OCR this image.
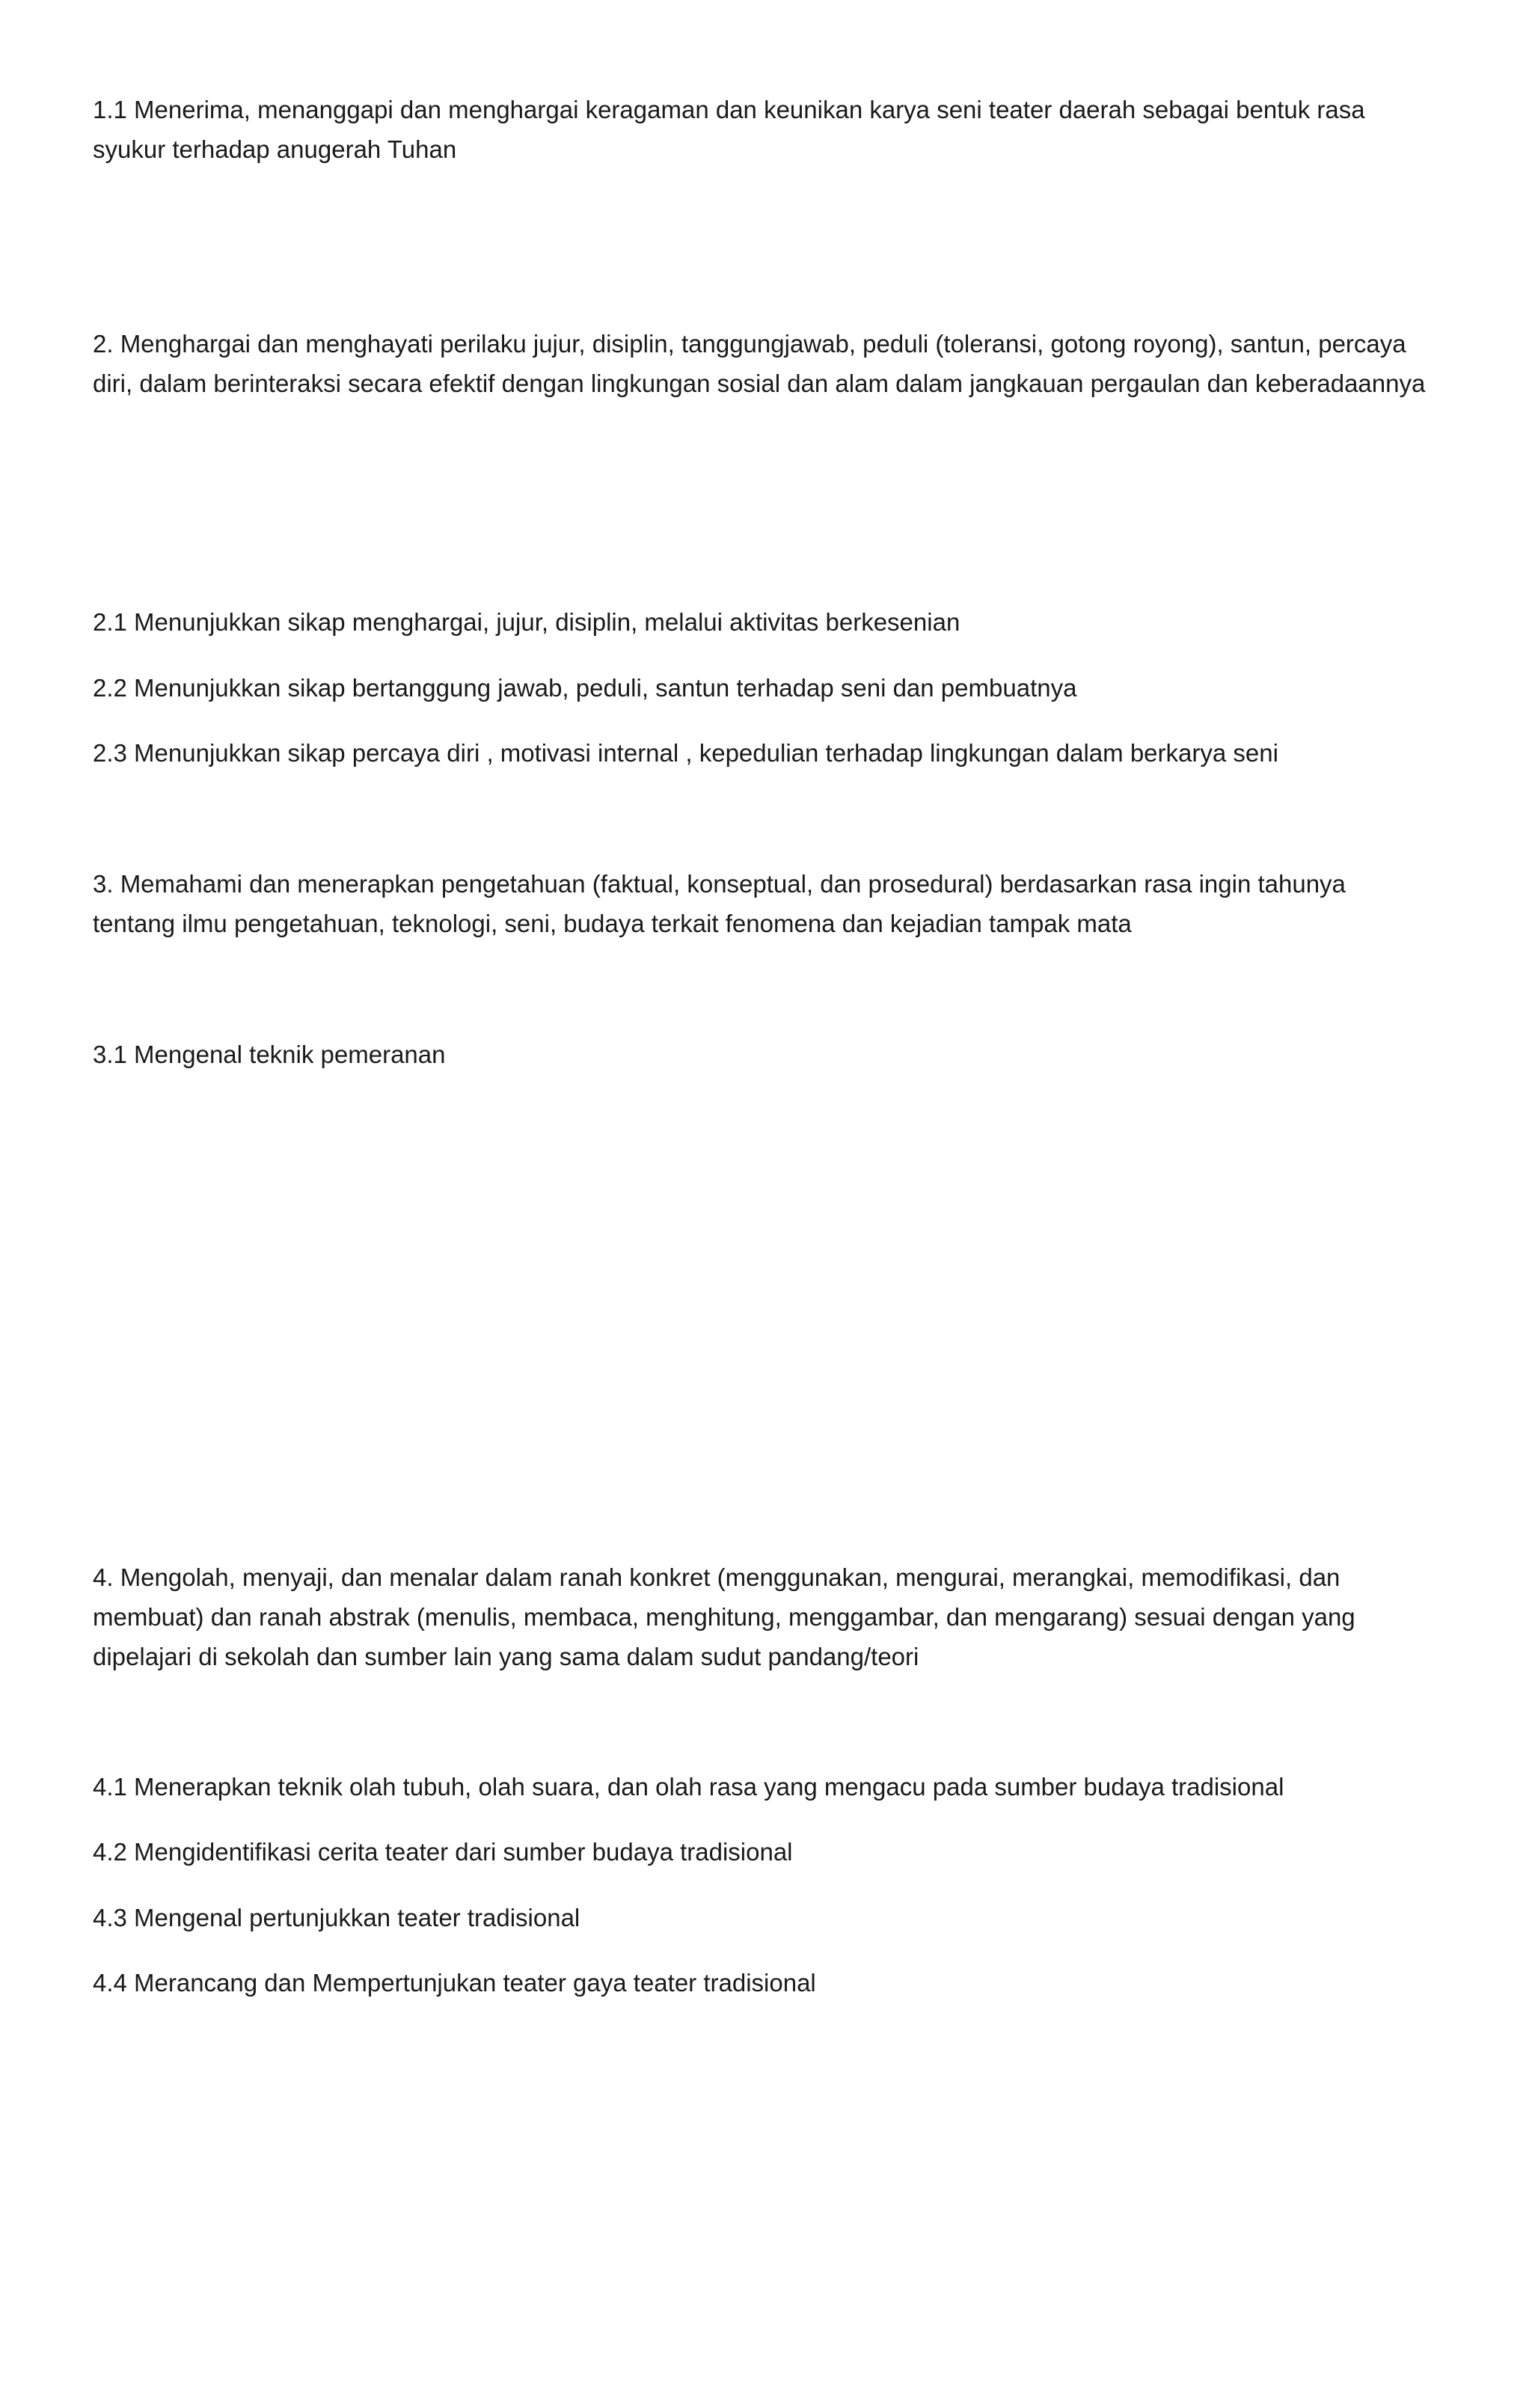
1.1 Menerima, menanggapi dan menghargai keragaman dan keunikan karya seni teater daerah sebagai bentuk rasa syukur terhadap anugerah Tuhan

2. Menghargai dan menghayati perilaku jujur, disiplin, tanggungjawab, peduli (toleransi, gotong royong), santun, percaya diri, dalam berinteraksi secara efektif dengan lingkungan sosial dan alam dalam jangkauan pergaulan dan keberadaannya

2.1 Menunjukkan sikap menghargai, jujur, disiplin, melalui aktivitas berkesenian

2.2 Menunjukkan sikap bertanggung jawab, peduli, santun terhadap seni dan pembuatnya

2.3 Menunjukkan sikap percaya diri , motivasi internal , kepedulian terhadap lingkungan dalam berkarya seni

3. Memahami dan menerapkan pengetahuan (faktual, konseptual, dan prosedural) berdasarkan rasa ingin tahunya tentang ilmu pengetahuan, teknologi, seni, budaya terkait fenomena dan kejadian tampak mata

3.1 Mengenal teknik pemeranan

4. Mengolah, menyaji, dan menalar dalam ranah konkret (menggunakan, mengurai, merangkai, memodifikasi, dan membuat) dan ranah abstrak (menulis, membaca, menghitung, menggambar, dan mengarang) sesuai dengan yang dipelajari di sekolah dan sumber lain yang sama dalam sudut pandang/teori

4.1 Menerapkan teknik olah tubuh, olah suara, dan olah rasa yang mengacu pada sumber budaya tradisional

4.2 Mengidentifikasi cerita teater dari sumber budaya tradisional

4.3 Mengenal pertunjukkan teater tradisional

4.4 Merancang dan Mempertunjukan teater gaya teater tradisional
